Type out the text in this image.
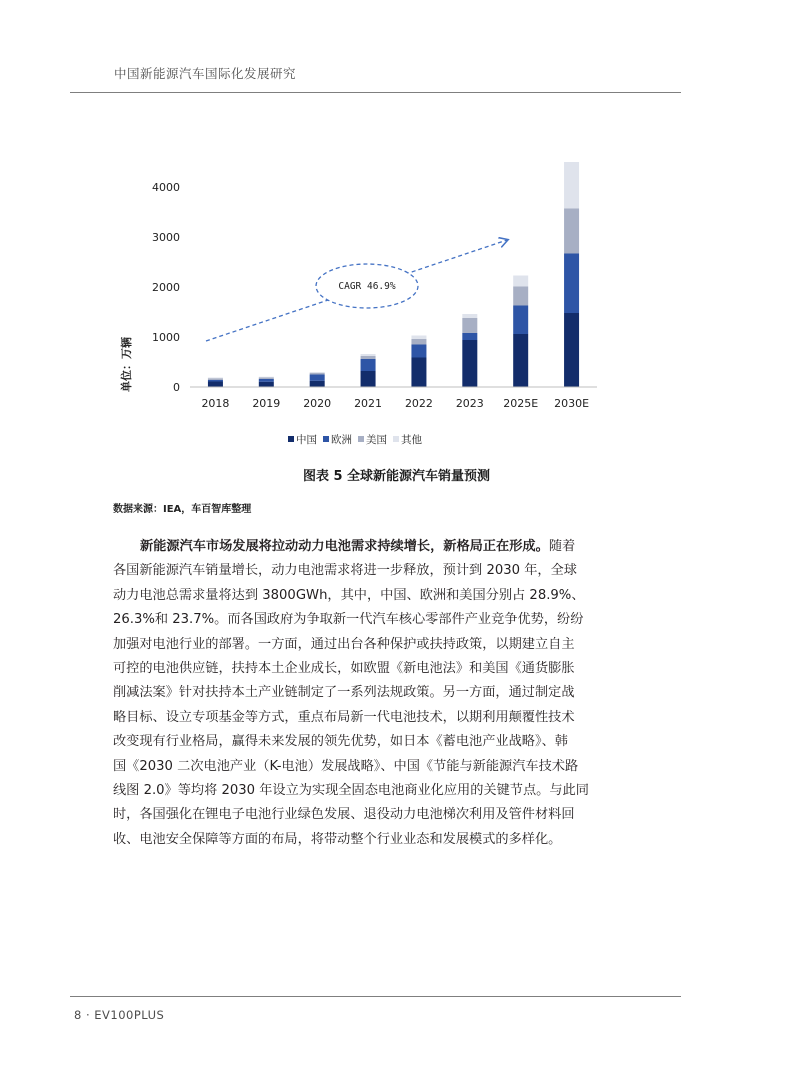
中国新能源汽车国际化发展研究
单位：万辆	0
1000
2000
3000
4000
2018 2019 2020 2021 2022 2023 2025E 2030E
CAGR 46.9%
中国 欧洲 美国 其他
图表 5 全球新能源汽车销量预测
数据来源：IEA，车百智库整理
新能源汽车市场发展将拉动动力电池需求持续增长，新格局正在形成。随着
各国新能源汽车销量增长，动力电池需求将进一步释放，预计到 2030 年，全球
动力电池总需求量将达到 3800GWh，其中，中国、欧洲和美国分别占 28.9%、
26.3%和 23.7%。而各国政府为争取新一代汽车核心零部件产业竞争优势，纷纷
加强对电池行业的部署。一方面，通过出台各种保护或扶持政策，以期建立自主
可控的电池供应链，扶持本土企业成长，如欧盟《新电池法》和美国《通货膨胀
削减法案》针对扶持本土产业链制定了一系列法规政策。另一方面，通过制定战
略目标、设立专项基金等方式，重点布局新一代电池技术，以期利用颠覆性技术
改变现有行业格局，赢得未来发展的领先优势，如日本《蓄电池产业战略》、韩
国《2030 二次电池产业（K-电池）发展战略》、中国《节能与新能源汽车技术路
线图 2.0》等均将 2030 年设立为实现全固态电池商业化应用的关键节点。与此同
时，各国强化在锂电子电池行业绿色发展、退役动力电池梯次利用及管件材料回
收、电池安全保障等方面的布局，将带动整个行业业态和发展模式的多样化。
8 · EV100PLUS
